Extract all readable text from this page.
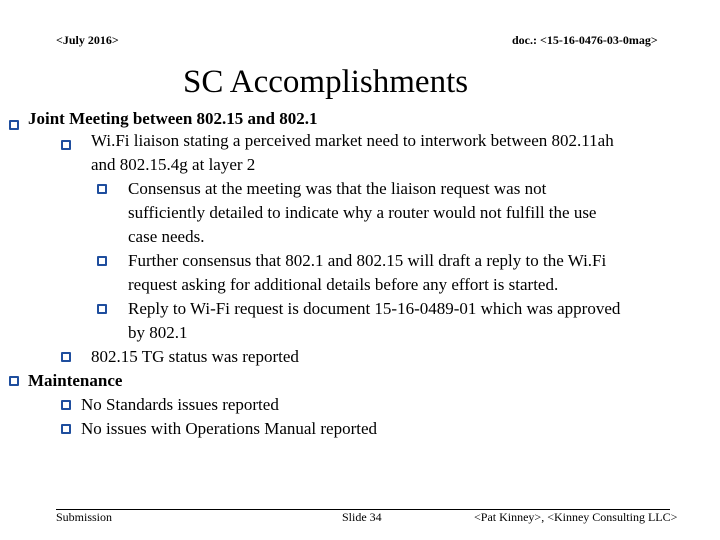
<July 2016>	doc.: <15-16-0476-03-0mag>
SC Accomplishments
Joint Meeting between 802.15 and 802.1
Wi.Fi liaison stating a perceived market need to interwork between 802.11ah
and 802.15.4g at layer 2
Consensus at the meeting was that the liaison request was not
sufficiently detailed to indicate why a router would not fulfill the use
case needs.
Further consensus that 802.1 and 802.15 will draft a reply to the Wi.Fi
request asking for additional details before any effort is started.
Reply to Wi-Fi request is document 15-16-0489-01 which was approved
by 802.1
802.15 TG status was reported
Maintenance
No Standards issues reported
No issues with Operations Manual reported
Submission	Slide 34	<Pat Kinney>, <Kinney Consulting LLC>
